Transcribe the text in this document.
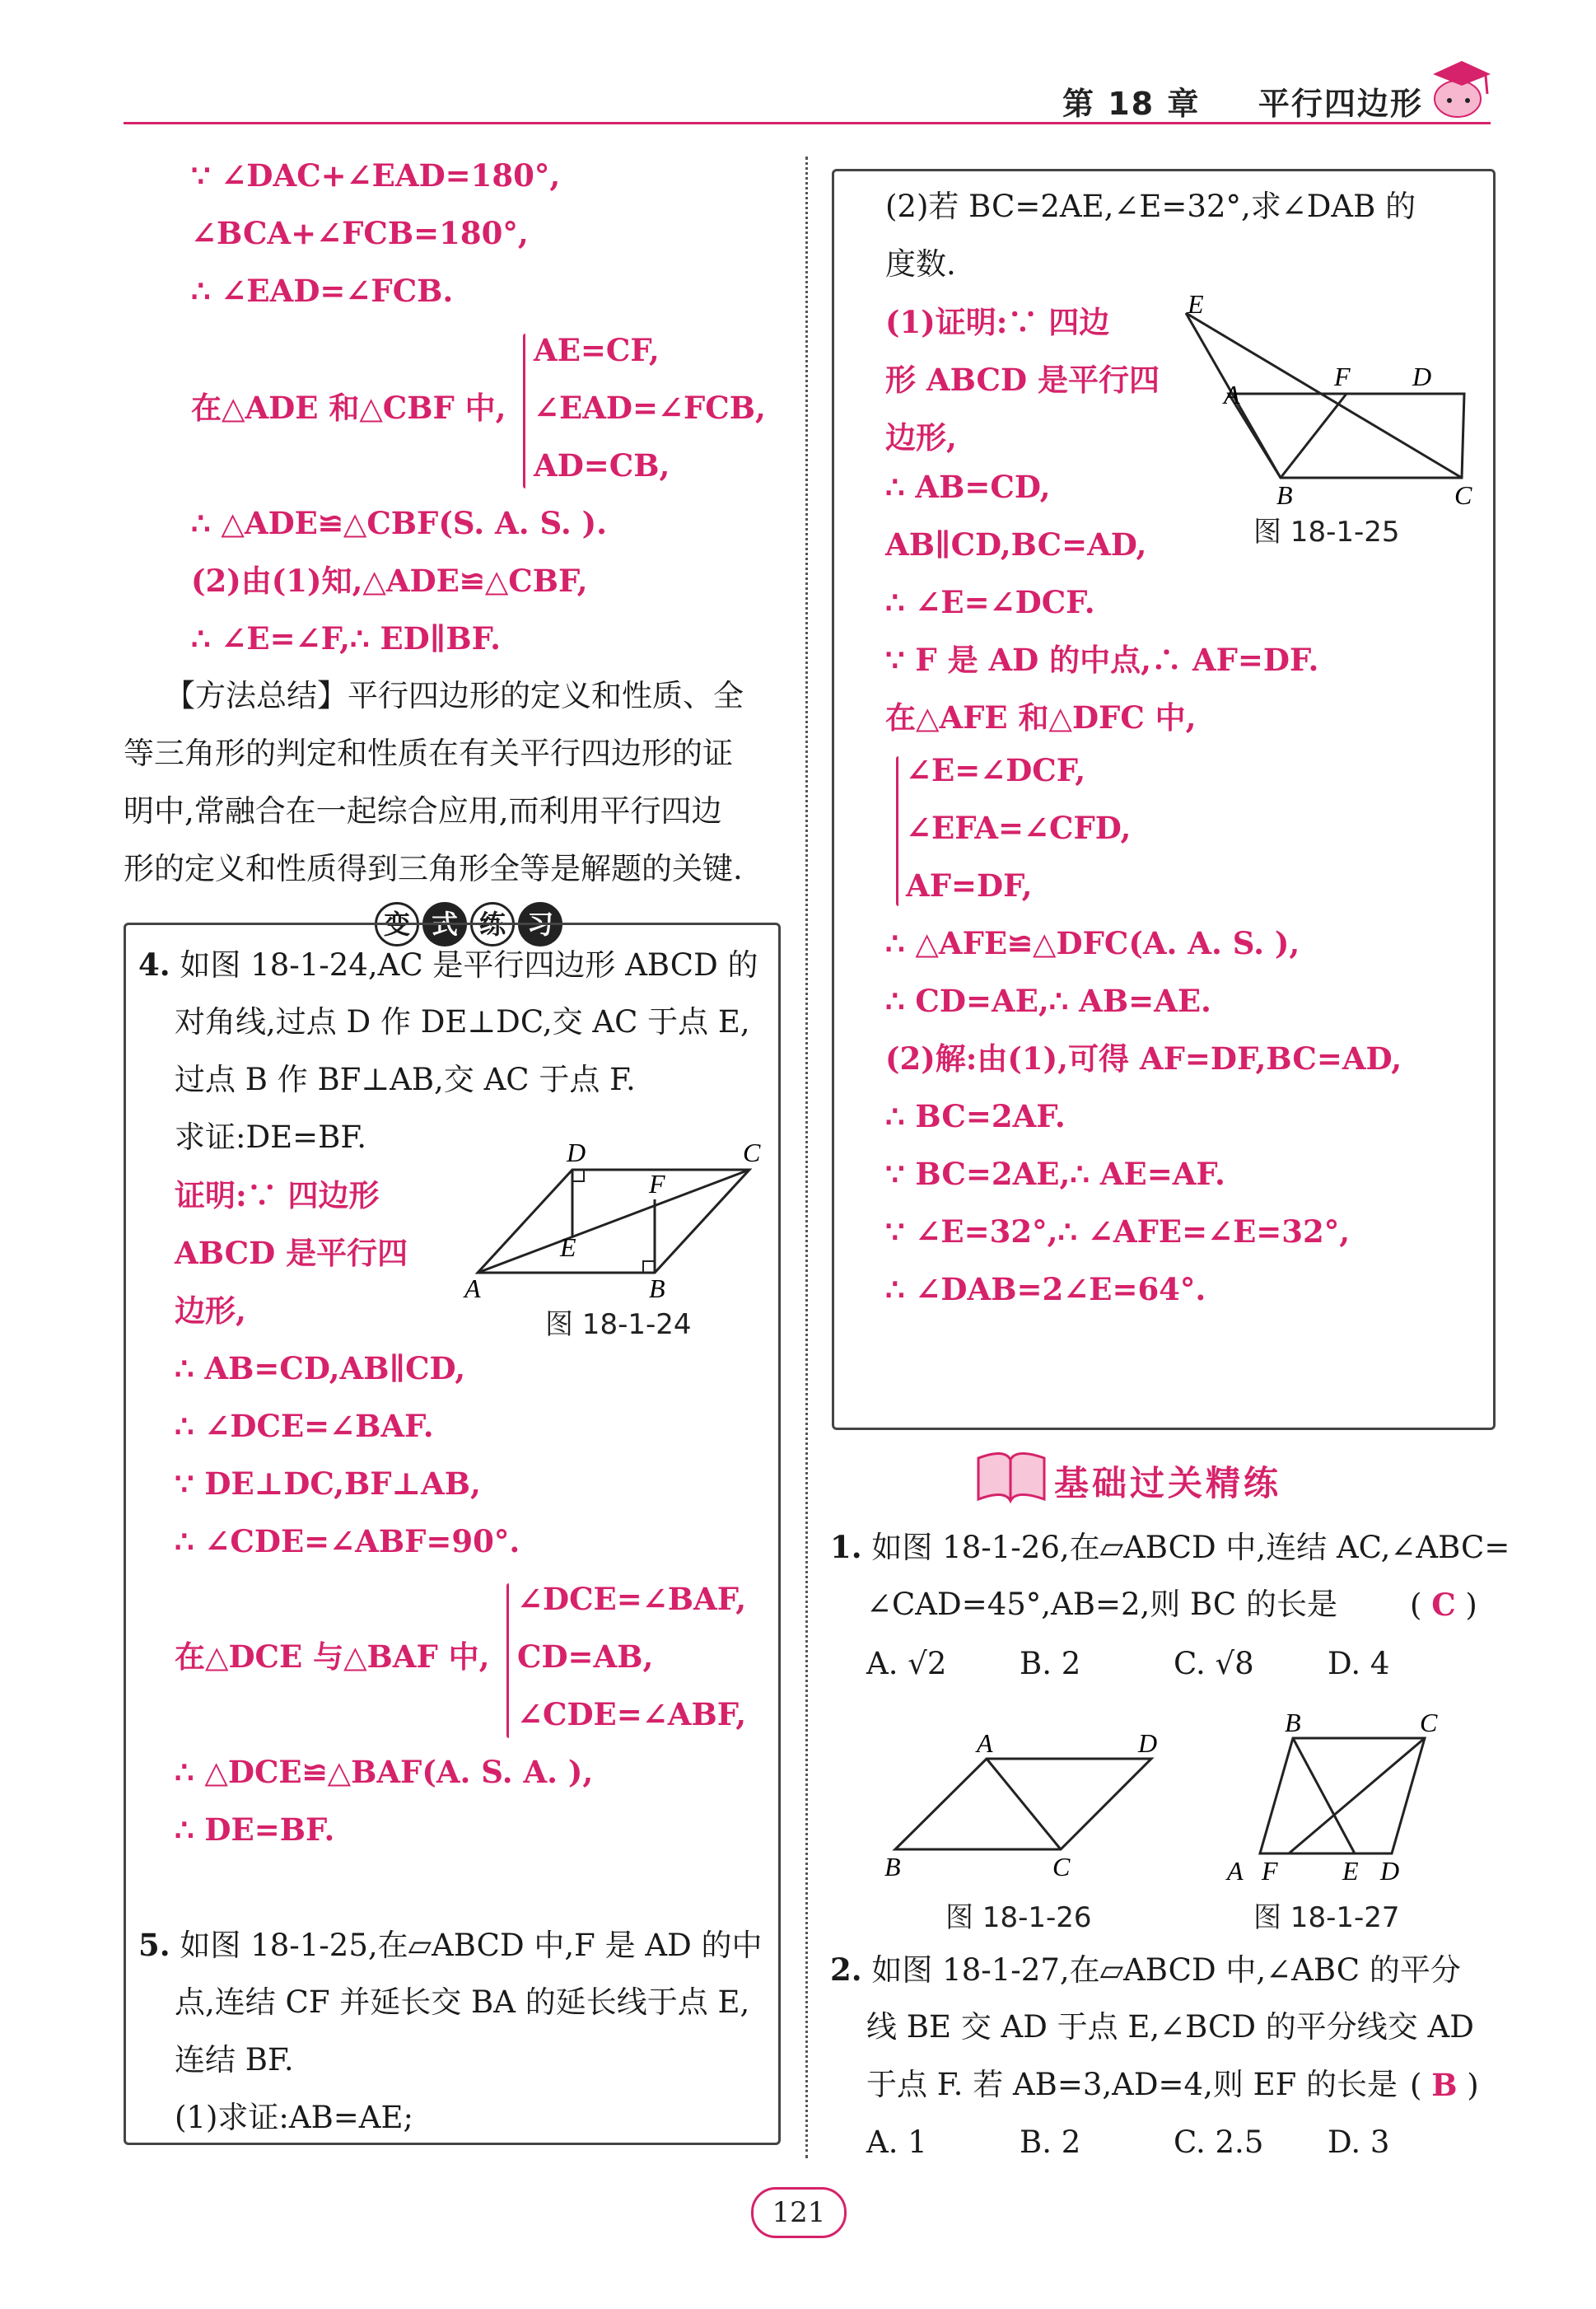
第 18 章 平行四边形
∵ ∠DAC+∠EAD=180°,
∠BCA+∠FCB=180°,
∴ ∠EAD=∠FCB.
在△ADE 和△CBF 中,
AE=CF,
∠EAD=∠FCB,
AD=CB,
∴ △ADE≌△CBF(S. A. S. ).
(2)由(1)知,△ADE≌△CBF,
∴ ∠E=∠F,∴ ED∥BF.
【方法总结】平行四边形的定义和性质、全
等三角形的判定和性质在有关平行四边形的证
明中,常融合在一起综合应用,而利用平行四边
形的定义和性质得到三角形全等是解题的关键.
变 式 练 习
4. 如图 18-1-24,AC 是平行四边形 ABCD 的
对角线,过点 D 作 DE⊥DC,交 AC 于点 E,
过点 B 作 BF⊥AB,交 AC 于点 F.
求证:DE=BF.
证明:∵ 四边形
ABCD 是平行四
边形,
D	C
F
E
A	B
图 18-1-24
∴ AB=CD,AB∥CD,
∴ ∠DCE=∠BAF.
∵ DE⊥DC,BF⊥AB,
∴ ∠CDE=∠ABF=90°.
在△DCE 与△BAF 中,
∠DCE=∠BAF,
CD=AB,
∠CDE=∠ABF,
∴ △DCE≌△BAF(A. S. A. ),
∴ DE=BF.
5. 如图 18-1-25,在▱ABCD 中,F 是 AD 的中
点,连结 CF 并延长交 BA 的延长线于点 E,
连结 BF.
(1)求证:AB=AE;
(2)若 BC=2AE,∠E=32°,求∠DAB 的
度数.
(1)证明:∵ 四边
形 ABCD 是平行四
边形,
E
F D
A
B	C
图 18-1-25
∴ AB=CD,
AB∥CD,BC=AD,
∴ ∠E=∠DCF.
∵ F 是 AD 的中点,∴ AF=DF.
在△AFE 和△DFC 中,
∠E=∠DCF,
∠EFA=∠CFD,
AF=DF,
∴ △AFE≌△DFC(A. A. S. ),
∴ CD=AE,∴ AB=AE.
(2)解:由(1),可得 AF=DF,BC=AD,
∴ BC=2AF.
∵ BC=2AE,∴ AE=AF.
∵ ∠E=32°,∴ ∠AFE=∠E=32°,
∴ ∠DAB=2∠E=64°.
基础过关精练
1. 如图 18-1-26,在▱ABCD 中,连结 AC,∠ABC=
∠CAD=45°,AB=2,则 BC 的长是 ( C )
A. √2 B. 2	C. √8 D. 4
A	D
B	C
图 18-1-26
B	C
A F E D
图 18-1-27
2. 如图 18-1-27,在▱ABCD 中,∠ABC 的平分
线 BE 交 AD 于点 E,∠BCD 的平分线交 AD
于点 F. 若 AB=3,AD=4,则 EF 的长是 ( B )
A. 1	B. 2	C. 2.5 D. 3
121
